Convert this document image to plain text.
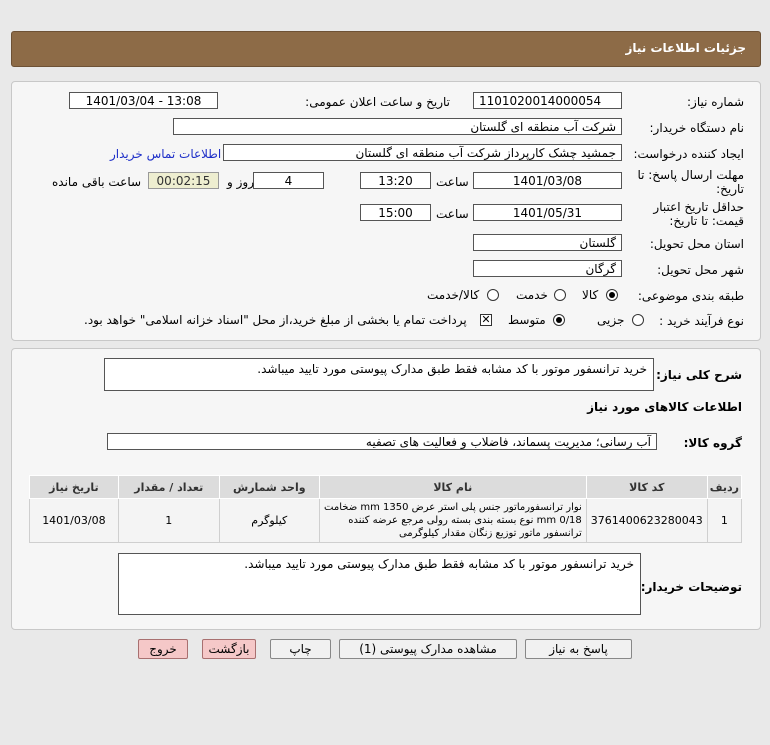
جزئیات اطلاعات نیاز
شماره نیاز:
1101020014000054
تاریخ و ساعت اعلان عمومی:
1401/03/04 - 13:08
نام دستگاه خریدار:
شرکت آب منطقه ای گلستان
ایجاد کننده درخواست:
جمشید چشک کارپرداز شرکت آب منطقه ای گلستان
اطلاعات تماس خریدار
مهلت ارسال پاسخ: تا
تاریخ:
1401/03/08
ساعت
13:20
4
روز و
00:02:15
ساعت باقی مانده
حداقل تاریخ اعتبار
قیمت: تا تاریخ:
1401/05/31
ساعت
15:00
استان محل تحویل:
گلستان
شهر محل تحویل:
گرگان
طبقه بندی موضوعی:
کالا
خدمت
کالا/خدمت
نوع فرآیند خرید :
جزیی
متوسط
✕
پرداخت تمام یا بخشی از مبلغ خرید،از محل "اسناد خزانه اسلامی" خواهد بود.
شرح کلی نیاز:
خرید ترانسفور موتور با کد مشابه فقط طبق مدارک پیوستی مورد تایید میباشد.
اطلاعات کالاهای مورد نیاز
گروه کالا:
آب رسانی؛ مدیریت پسماند، فاضلاب و فعالیت های تصفیه
ردیف	کد کالا	نام کالا	واحد شمارش	تعداد / مقدار	تاریخ نیاز
1	3761400623280043	نوار ترانسفورماتور جنس پلی استر عرض 1350 mm ضخامت 0/18 mm نوع بسته بندی بسته رولی مرجع عرضه کننده ترانسفور ماتور توزیع زنگان مقدار کیلوگرمی	کیلوگرم	1	1401/03/08
توضیحات خریدار:
خرید ترانسفور موتور با کد مشابه فقط طبق مدارک پیوستی مورد تایید میباشد.
پاسخ به نیاز
مشاهده مدارک پیوستی (1)
چاپ
بازگشت
خروج
